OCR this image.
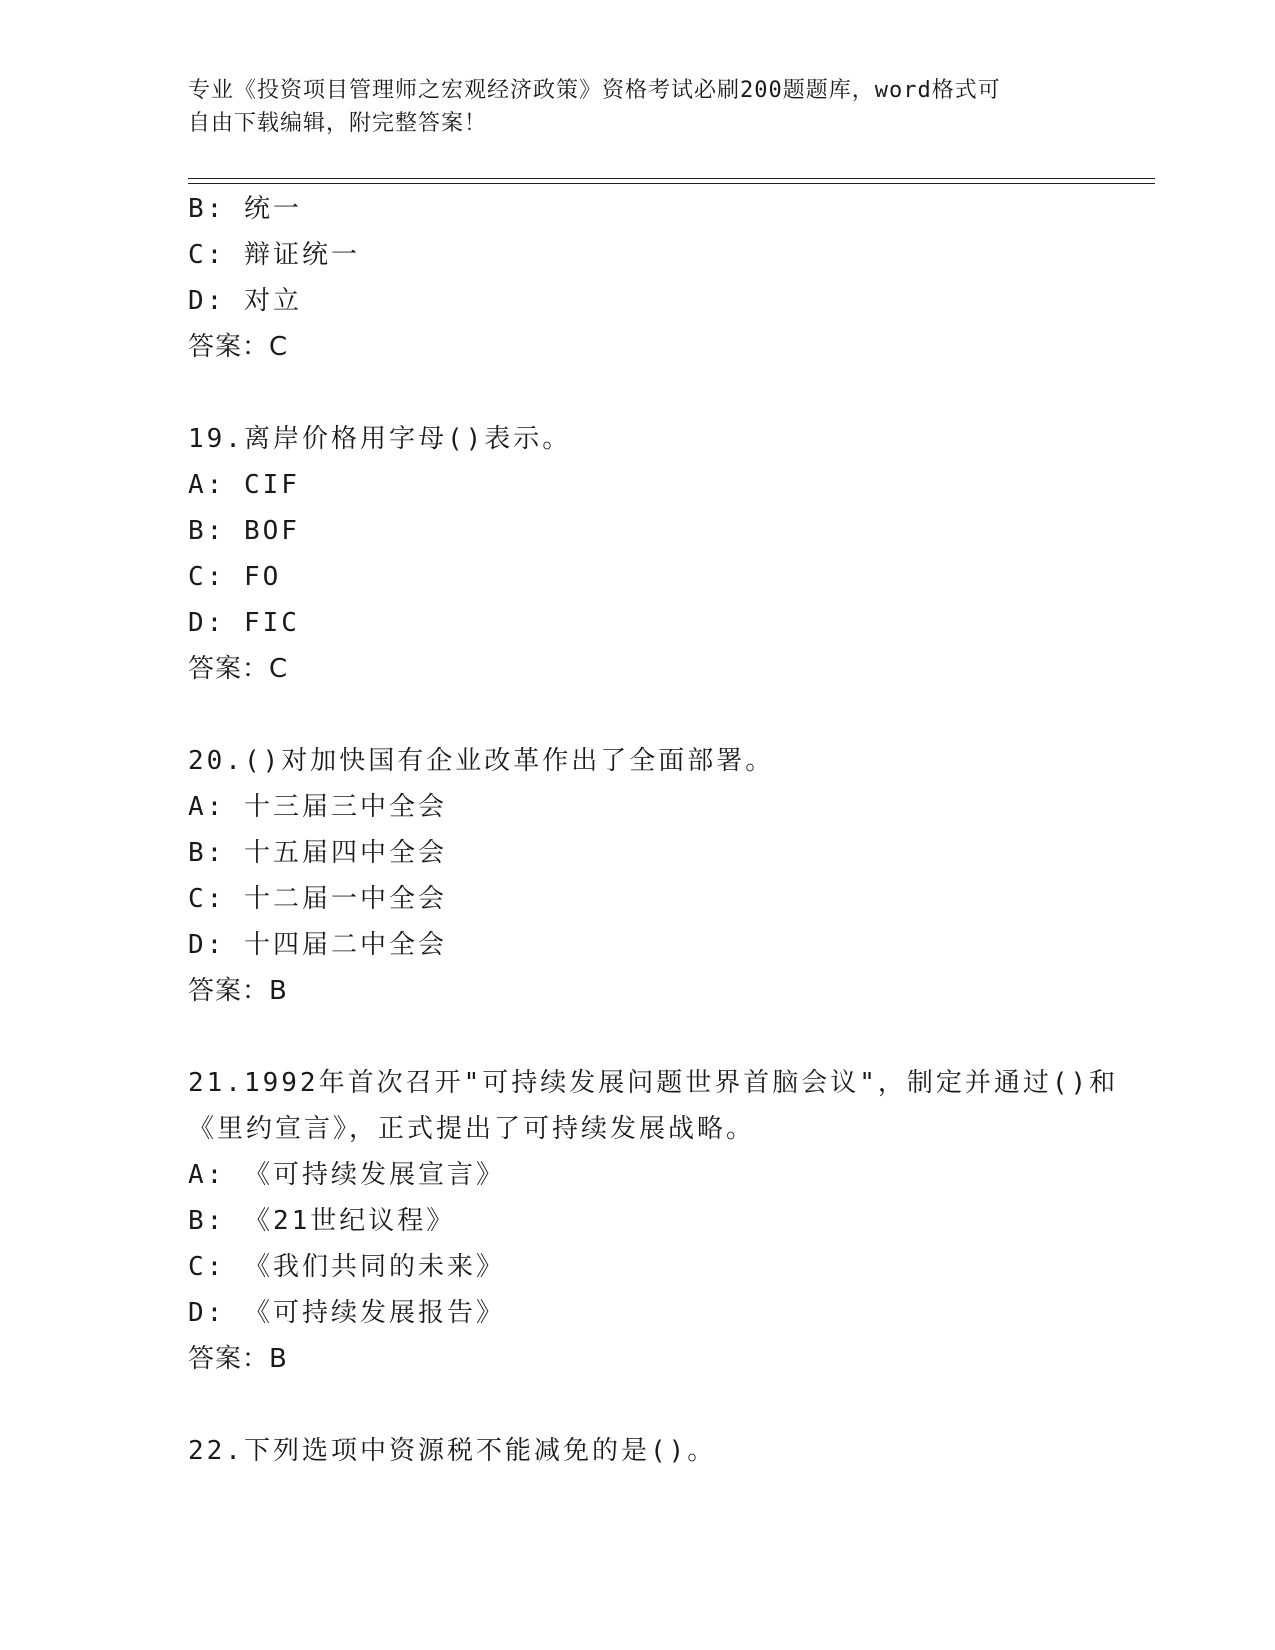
专业《投资项目管理师之宏观经济政策》资格考试必刷200题题库，word格式可
自由下载编辑，附完整答案！
B: 统一
C: 辩证统一
D: 对立
答案：C
19.离岸价格用字母()表示。
A: CIF
B: BOF
C: FO
D: FIC
答案：C
20.()对加快国有企业改革作出了全面部署。
A: 十三届三中全会
B: 十五届四中全会
C: 十二届一中全会
D: 十四届二中全会
答案：B
21.1992年首次召开"可持续发展问题世界首脑会议"，制定并通过()和
《里约宣言》，正式提出了可持续发展战略。
A: 《可持续发展宣言》
B: 《21世纪议程》
C: 《我们共同的未来》
D: 《可持续发展报告》
答案：B
22.下列选项中资源税不能减免的是()。
